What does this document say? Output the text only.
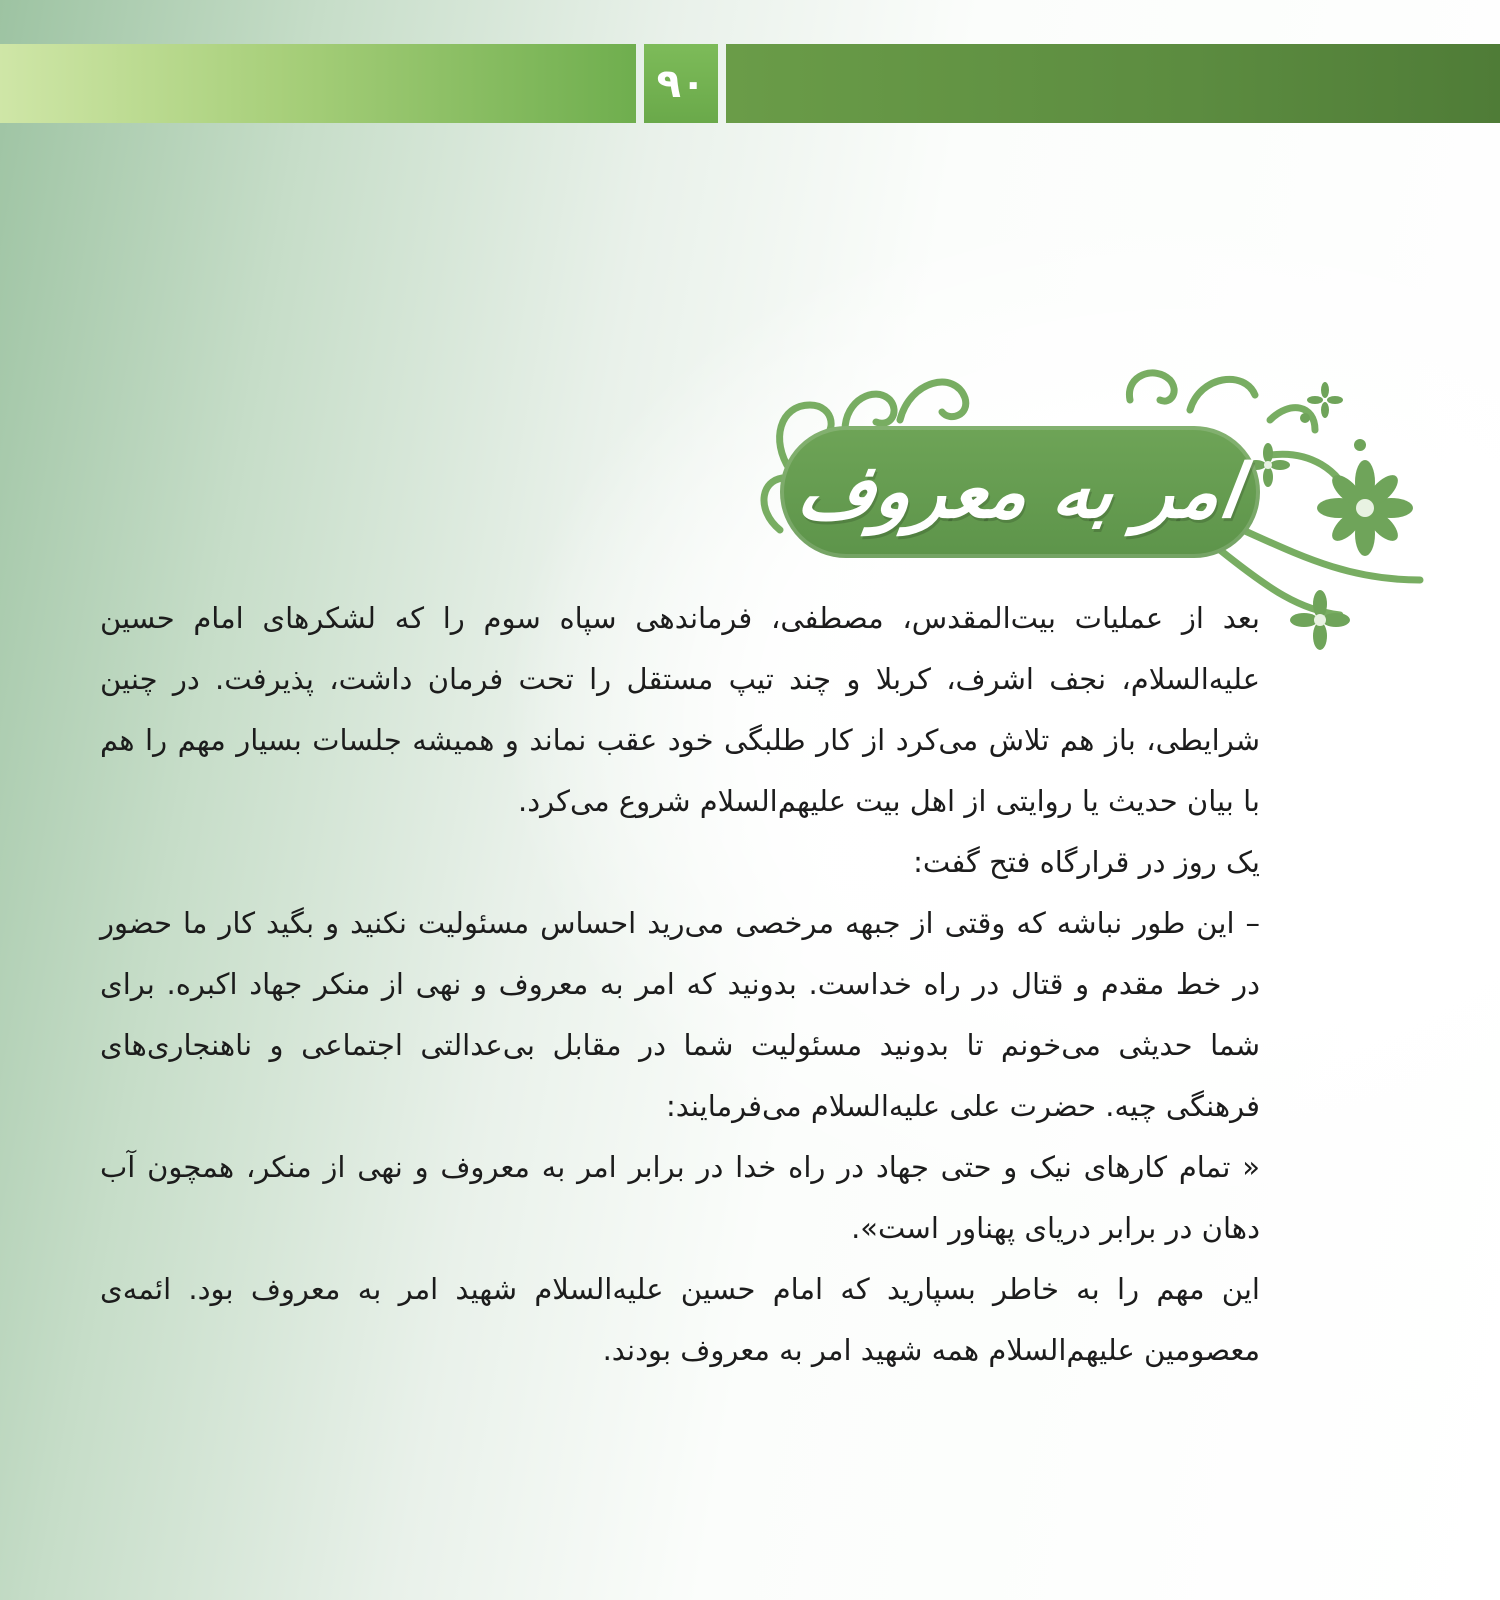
۹۰
امر به معروف

بعد از عملیات بیت‌المقدس، مصطفی، فرماندهی سپاه سوم را که لشکرهای امام حسین علیه‌السلام، نجف اشرف، کربلا و چند تیپ مستقل را تحت فرمان داشت، پذیرفت. در چنین شرایطی، باز هم تلاش می‌کرد از کار طلبگی خود عقب نماند و همیشه جلسات بسیار مهم را هم با بیان حدیث یا روایتی از اهل بیت علیهم‌السلام شروع می‌کرد.

یک روز در قرارگاه فتح گفت:

– این طور نباشه که وقتی از جبهه مرخصی می‌رید احساس مسئولیت نکنید و بگید کار ما حضور در خط مقدم و قتال در راه خداست. بدونید که امر به معروف و نهی از منکر جهاد اکبره. برای شما حدیثی می‌خونم تا بدونید مسئولیت شما در مقابل بی‌عدالتی اجتماعی و ناهنجاری‌های فرهنگی چیه. حضرت علی علیه‌السلام می‌فرمایند:

« تمام کارهای نیک و حتی جهاد در راه خدا در برابر امر به معروف و نهی از منکر، همچون آب دهان در برابر دریای پهناور است».

این مهم را به خاطر بسپارید که امام حسین علیه‌السلام شهید امر به معروف بود. ائمه‌ی معصومین علیهم‌السلام همه شهید امر به معروف بودند.
